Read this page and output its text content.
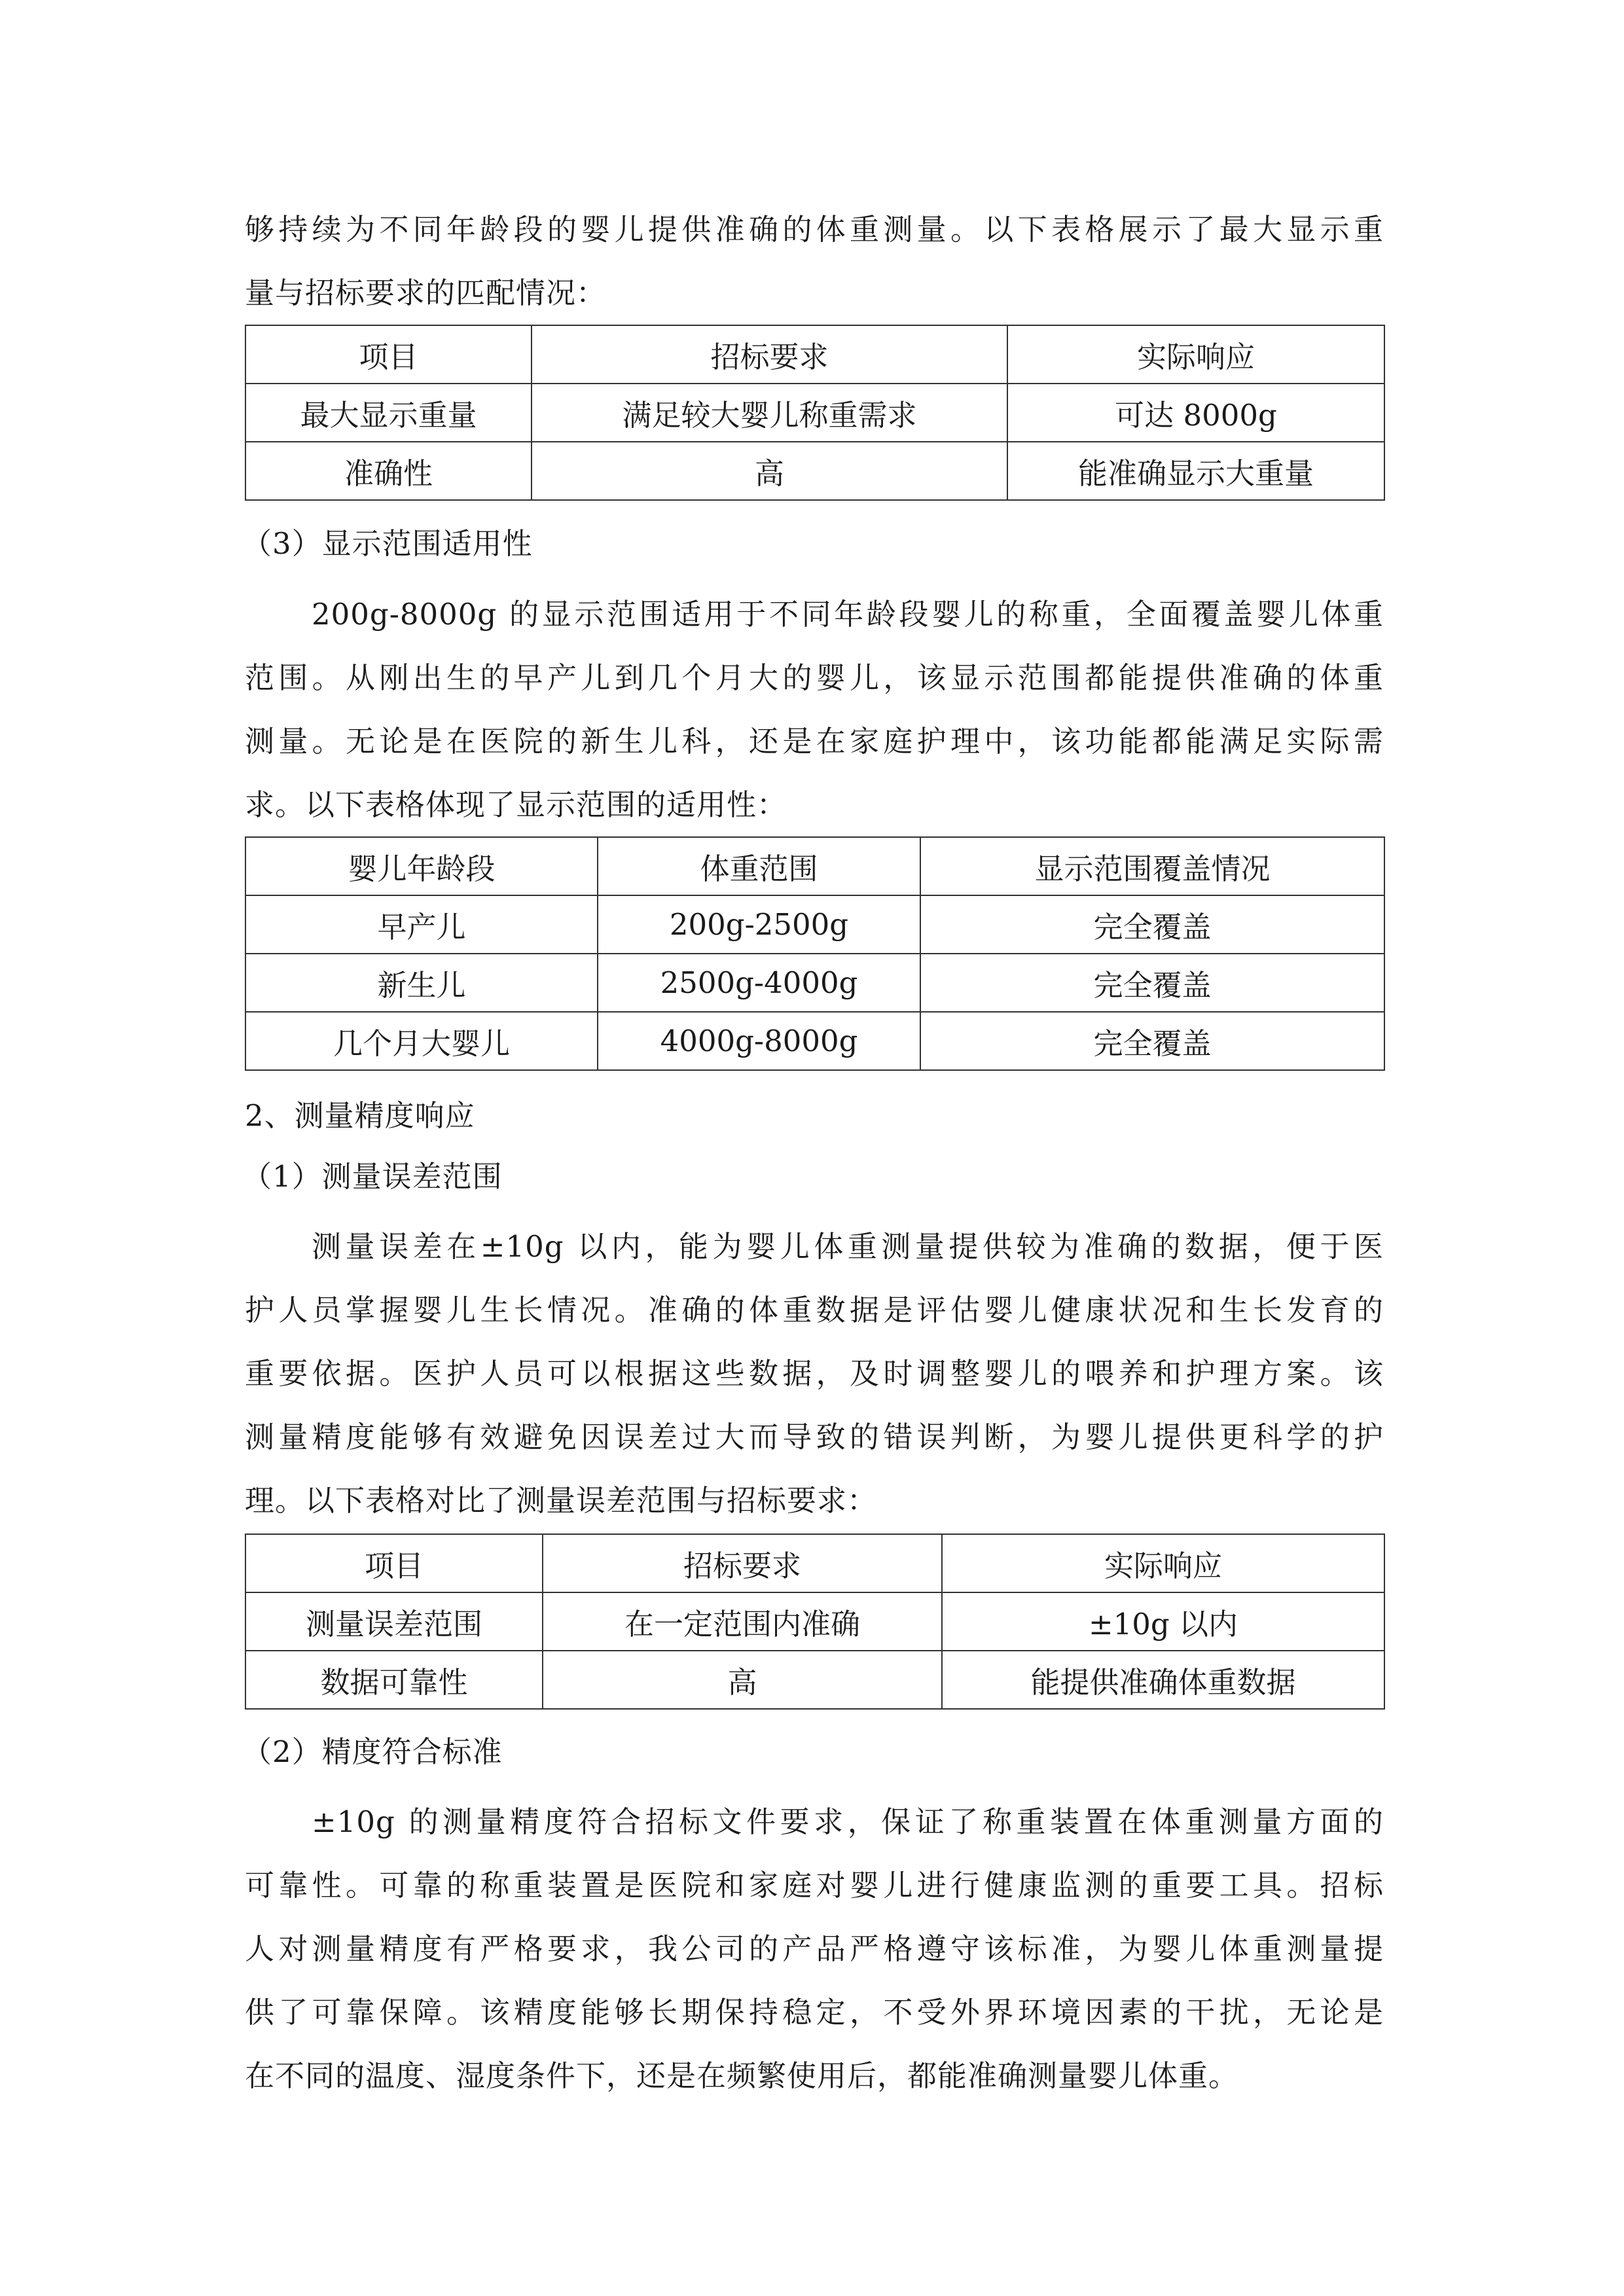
够持续为不同年龄段的婴儿提供准确的体重测量。以下表格展示了最大显示重
量与招标要求的匹配情况：
项目	招标要求	实际响应
最大显示重量	满足较大婴儿称重需求	可达 8000g
准确性	高	能准确显示大重量
（3）显示范围适用性
200g-8000g 的显示范围适用于不同年龄段婴儿的称重，全面覆盖婴儿体重
范围。从刚出生的早产儿到几个月大的婴儿，该显示范围都能提供准确的体重
测量。无论是在医院的新生儿科，还是在家庭护理中，该功能都能满足实际需
求。以下表格体现了显示范围的适用性：
婴儿年龄段	体重范围	显示范围覆盖情况
早产儿	200g-2500g	完全覆盖
新生儿	2500g-4000g	完全覆盖
几个月大婴儿	4000g-8000g	完全覆盖
2、测量精度响应
（1）测量误差范围
测量误差在±10g 以内，能为婴儿体重测量提供较为准确的数据，便于医
护人员掌握婴儿生长情况。准确的体重数据是评估婴儿健康状况和生长发育的
重要依据。医护人员可以根据这些数据，及时调整婴儿的喂养和护理方案。该
测量精度能够有效避免因误差过大而导致的错误判断，为婴儿提供更科学的护
理。以下表格对比了测量误差范围与招标要求：
项目	招标要求	实际响应
测量误差范围	在一定范围内准确	±10g 以内
数据可靠性	高	能提供准确体重数据
（2）精度符合标准
±10g 的测量精度符合招标文件要求，保证了称重装置在体重测量方面的
可靠性。可靠的称重装置是医院和家庭对婴儿进行健康监测的重要工具。招标
人对测量精度有严格要求，我公司的产品严格遵守该标准，为婴儿体重测量提
供了可靠保障。该精度能够长期保持稳定，不受外界环境因素的干扰，无论是
在不同的温度、湿度条件下，还是在频繁使用后，都能准确测量婴儿体重。
